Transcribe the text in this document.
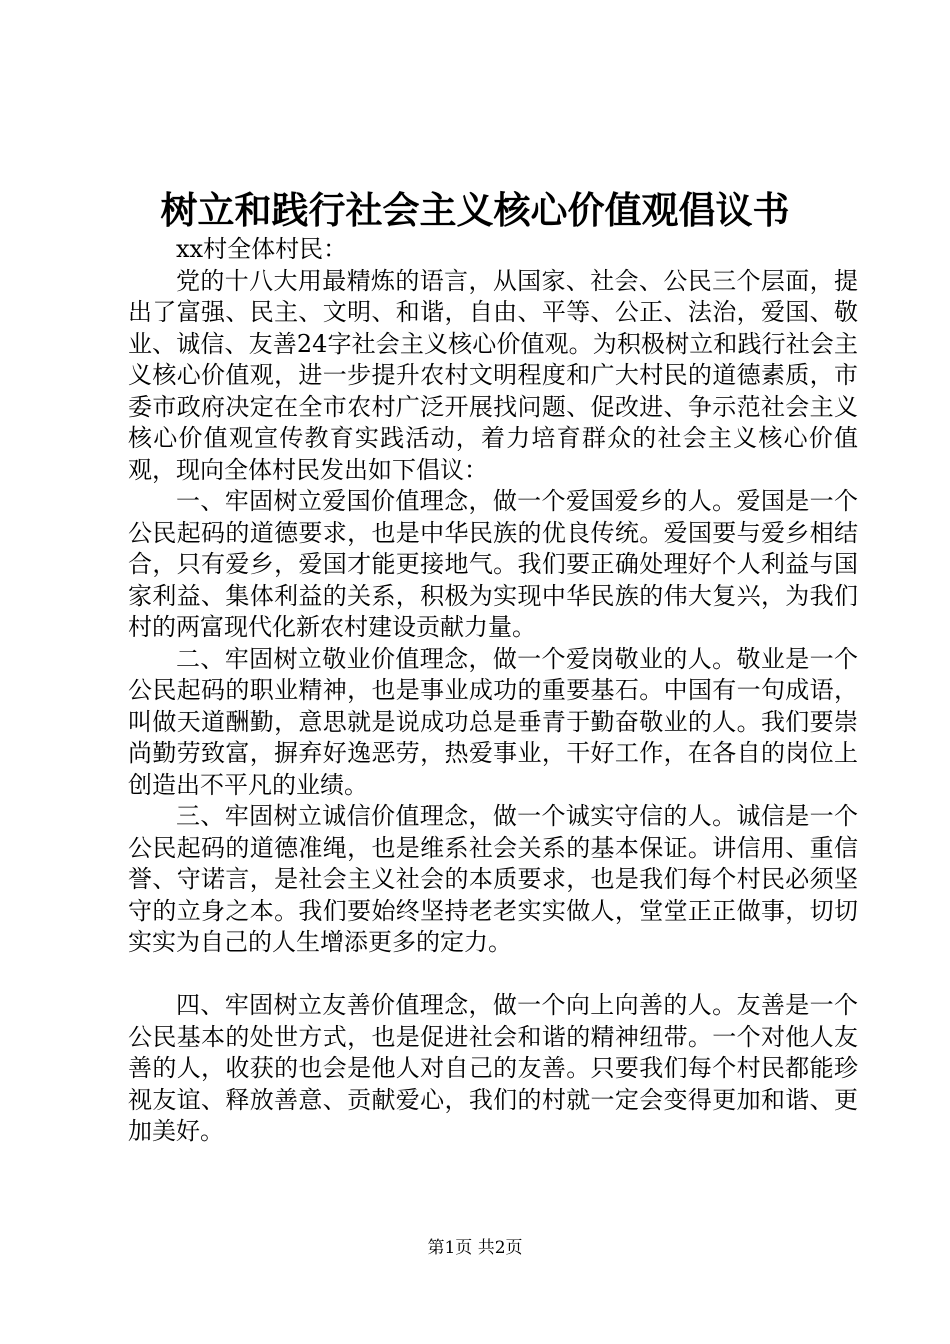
树立和践行社会主义核心价值观倡议书

xx村全体村民：

党的十八大用最精炼的语言，从国家、社会、公民三个层面，提出了富强、民主、文明、和谐，自由、平等、公正、法治，爱国、敬业、诚信、友善24字社会主义核心价值观。为积极树立和践行社会主义核心价值观，进一步提升农村文明程度和广大村民的道德素质，市委市政府决定在全市农村广泛开展找问题、促改进、争示范社会主义核心价值观宣传教育实践活动，着力培育群众的社会主义核心价值观，现向全体村民发出如下倡议：

一、牢固树立爱国价值理念，做一个爱国爱乡的人。爱国是一个公民起码的道德要求，也是中华民族的优良传统。爱国要与爱乡相结合，只有爱乡，爱国才能更接地气。我们要正确处理好个人利益与国家利益、集体利益的关系，积极为实现中华民族的伟大复兴，为我们村的两富现代化新农村建设贡献力量。

二、牢固树立敬业价值理念，做一个爱岗敬业的人。敬业是一个公民起码的职业精神，也是事业成功的重要基石。中国有一句成语，叫做天道酬勤，意思就是说成功总是垂青于勤奋敬业的人。我们要崇尚勤劳致富，摒弃好逸恶劳，热爱事业，干好工作，在各自的岗位上创造出不平凡的业绩。

三、牢固树立诚信价值理念，做一个诚实守信的人。诚信是一个公民起码的道德准绳，也是维系社会关系的基本保证。讲信用、重信誉、守诺言，是社会主义社会的本质要求，也是我们每个村民必须坚守的立身之本。我们要始终坚持老老实实做人，堂堂正正做事，切切实实为自己的人生增添更多的定力。

四、牢固树立友善价值理念，做一个向上向善的人。友善是一个公民基本的处世方式，也是促进社会和谐的精神纽带。一个对他人友善的人，收获的也会是他人对自己的友善。只要我们每个村民都能珍视友谊、释放善意、贡献爱心，我们的村就一定会变得更加和谐、更加美好。

第1页 共2页
